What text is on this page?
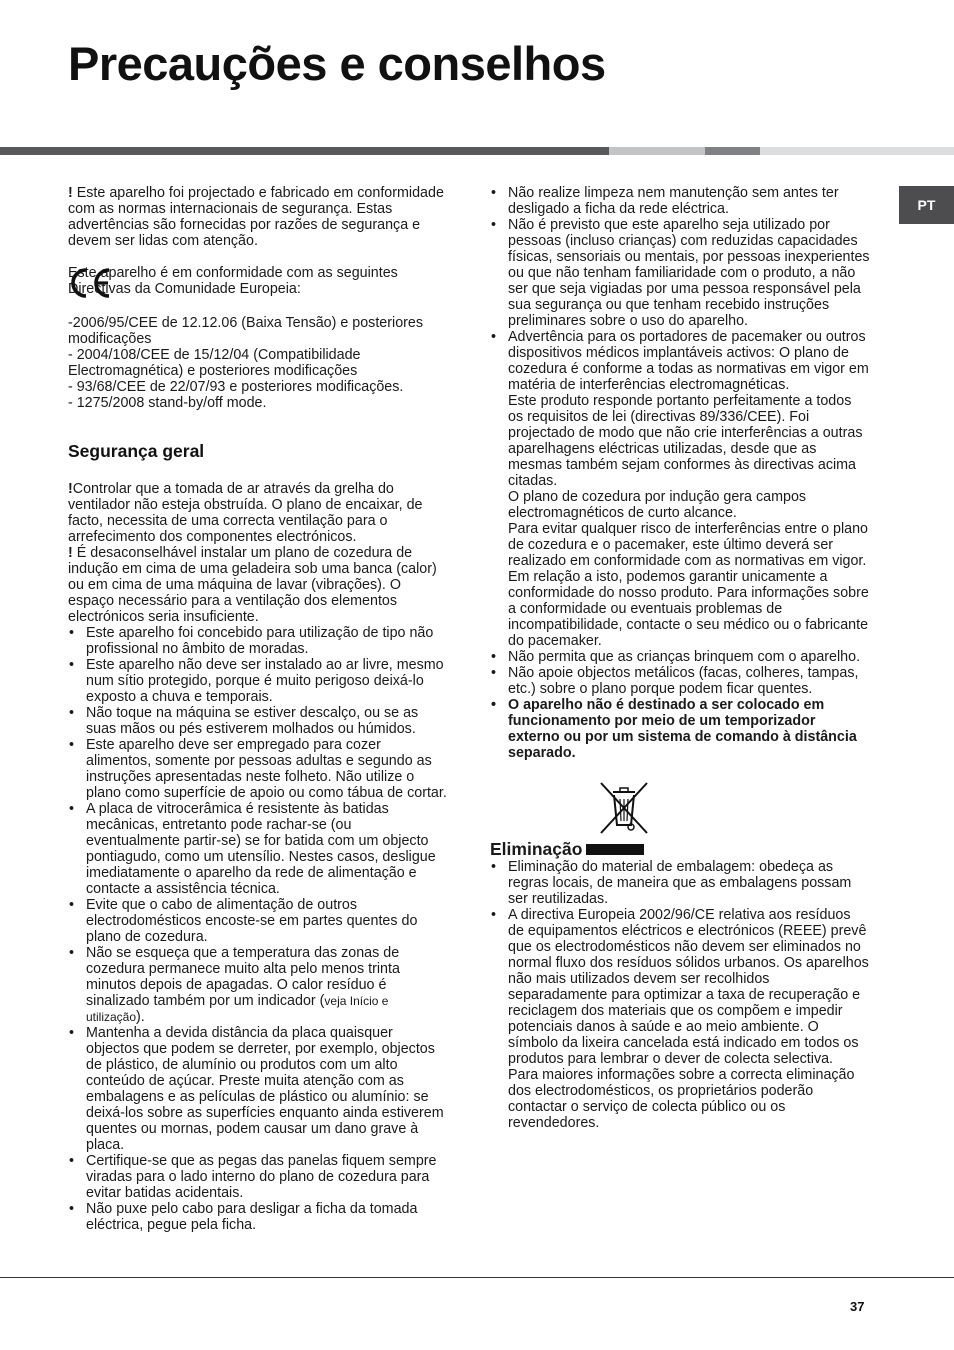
Precauções e conselhos
PT

! Este aparelho foi projectado e fabricado em conformidade com as normas internacionais de segurança. Estas advertências são fornecidas por razões de segurança e devem ser lidas com atenção.

Este aparelho é em conformidade com as seguintes Directivas da Comunidade Europeia:

-2006/95/CEE de 12.12.06 (Baixa Tensão) e posteriores modificações

- 2004/108/CEE de 15/12/04 (Compatibilidade Electromagnética) e posteriores modificações

- 93/68/CEE de 22/07/93 e posteriores modificações.

- 1275/2008 stand-by/off mode.

Segurança geral

!Controlar que a tomada de ar através da grelha do ventilador não esteja obstruída. O plano de encaixar, de facto, necessita de uma correcta ventilação para o arrefecimento dos componentes electrónicos.

! É desaconselhável instalar um plano de cozedura de indução em cima de uma geladeira sob uma banca (calor) ou em cima de uma máquina de lavar (vibrações). O espaço necessário para a ventilação dos elementos electrónicos seria insuficiente.

• Este aparelho foi concebido para utilização de tipo não profissional no âmbito de moradas.
• Este aparelho não deve ser instalado ao ar livre, mesmo num sítio protegido, porque é muito perigoso deixá-lo exposto a chuva e temporais.
• Não toque na máquina se estiver descalço, ou se as suas mãos ou pés estiverem molhados ou húmidos.
• Este aparelho deve ser empregado para cozer alimentos, somente por pessoas adultas e segundo as instruções apresentadas neste folheto. Não utilize o plano como superfície de apoio ou como tábua de cortar.
• A placa de vitrocerâmica é resistente às batidas mecânicas, entretanto pode rachar-se (ou eventualmente partir-se) se for batida com um objecto pontiagudo, como um utensílio. Nestes casos, desligue imediatamente o aparelho da rede de alimentação e contacte a assistência técnica.
• Evite que o cabo de alimentação de outros electrodomésticos encoste-se em partes quentes do plano de cozedura.
• Não se esqueça que a temperatura das zonas de cozedura permanece muito alta pelo menos trinta minutos depois de apagadas. O calor resíduo é sinalizado também por um indicador (veja Início e utilização).
• Mantenha a devida distância da placa quaisquer objectos que podem se derreter, por exemplo, objectos de plástico, de alumínio ou produtos com um alto conteúdo de açúcar. Preste muita atenção com as embalagens e as películas de plástico ou alumínio: se deixá-los sobre as superfícies enquanto ainda estiverem quentes ou mornas, podem causar um dano grave à placa.
• Certifique-se que as pegas das panelas fiquem sempre viradas para o lado interno do plano de cozedura para evitar batidas acidentais.
• Não puxe pelo cabo para desligar a ficha da tomada eléctrica, pegue pela ficha.
• Não realize limpeza nem manutenção sem antes ter desligado a ficha da rede eléctrica.
• Não é previsto que este aparelho seja utilizado por pessoas (incluso crianças) com reduzidas capacidades físicas, sensoriais ou mentais, por pessoas inexperientes ou que não tenham familiaridade com o produto, a não ser que seja vigiadas por uma pessoa responsável pela sua segurança ou que tenham recebido instruções preliminares sobre o uso do aparelho.

• Advertência para os portadores de pacemaker ou outros dispositivos médicos implantáveis activos: O plano de cozedura é conforme a todas as normativas em vigor em matéria de interferências electromagnéticas.

Este produto responde portanto perfeitamente a todos os requisitos de lei (directivas 89/336/CEE). Foi projectado de modo que não crie interferências a outras aparelhagens eléctricas utilizadas, desde que as mesmas também sejam conformes às directivas acima citadas.

O plano de cozedura por indução gera campos electromagnéticos de curto alcance.

Para evitar qualquer risco de interferências entre o plano de cozedura e o pacemaker, este último deverá ser realizado em conformidade com as normativas em vigor.

Em relação a isto, podemos garantir unicamente a conformidade do nosso produto. Para informações sobre a conformidade ou eventuais problemas de incompatibilidade, contacte o seu médico ou o fabricante do pacemaker.

• Não permita que as crianças brinquem com o aparelho.
• Não apoie objectos metálicos (facas, colheres, tampas, etc.) sobre o plano porque podem ficar quentes.
• O aparelho não é destinado a ser colocado em funcionamento por meio de um temporizador externo ou por um sistema de comando à distância separado.
Eliminação
• Eliminação do material de embalagem: obedeça as regras locais, de maneira que as embalagens possam ser reutilizadas.

• A directiva Europeia 2002/96/CE relativa aos resíduos de equipamentos eléctricos e electrónicos (REEE) prevê que os electrodomésticos não devem ser eliminados no normal fluxo dos resíduos sólidos urbanos. Os aparelhos não mais utilizados devem ser recolhidos separadamente para optimizar a taxa de recuperação e reciclagem dos materiais que os compõem e impedir potenciais danos à saúde e ao meio ambiente. O símbolo da lixeira cancelada está indicado em todos os produtos para lembrar o dever de colecta selectiva.

Para maiores informações sobre a correcta eliminação dos electrodomésticos, os proprietários poderão contactar o serviço de colecta público ou os revendedores.

37
